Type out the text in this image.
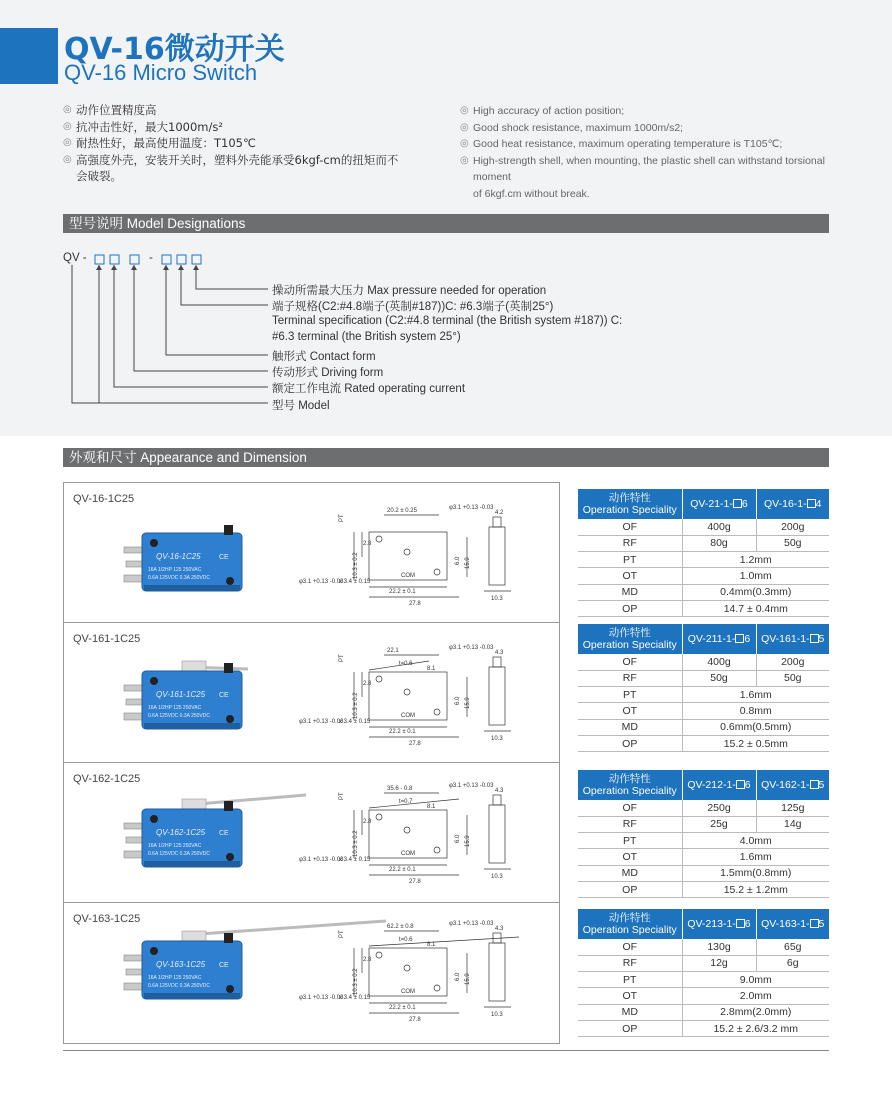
QV-16微动开关
QV-16 Micro Switch
◎ 动作位置精度高
◎ 抗冲击性好，最大1000m/s²
◎ 耐热性好，最高使用温度：T105℃
◎ 高强度外壳，安装开关时，塑料外壳能承受6kgf-cm的扭矩而不
会破裂。
◎ High accuracy of action position;
◎ Good shock resistance, maximum 1000m/s2;
◎ Good heat resistance, maximum operating temperature is T105℃;
◎ High-strength shell, when mounting, the plastic shell can withstand torsional moment
of 6kgf.cm without break.
型号说明 Model Designations
QV -	-
操动所需最大压力 Max pressure needed for operation
端子规格(C2:#4.8端子(英制#187))C: #6.3端子(英制25°)
Terminal specification (C2:#4.8 terminal (the British system #187)) C:
#6.3 terminal (the British system 25°)
触形式 Contact form
传动形式 Driving form
额定工作电流 Rated operating current
型号 Model
外观和尺寸 Appearance and Dimension
QV-16-1C25
QV-16-1C25	CE
16A 1/2HP 125 250VAC
0.6A 125VDC 0.3A 250VDC
20.2 ± 0.25	φ3.1 +0.13 -0.03
4.2
22.2 ± 0.1
27.8
10.3
15.9
6.0
10.3 ± 0.2
2.8
φ3.1 +0.13 -0.03
x 3.4 ± 0.15
COM
PT
QV-161-1C25
QV-161-1C25 CE
16A 1/2HP 125 250VAC
0.6A 125VDC 0.3A 250VDC
22.1	φ3.1 +0.13 -0.03
4.3
22.2 ± 0.1
27.8
10.3
15.9
6.0
10.3 ± 0.2
2.8
φ3.1 +0.13 -0.03
x 3.4 ± 0.15
COM
PT
t=0.6
8.1
QV-162-1C25
QV-162-1C25 CE
16A 1/2HP 125 250VAC
0.6A 125VDC 0.3A 250VDC
35.6 - 0.8	φ3.1 +0.13 -0.03
4.3
22.2 ± 0.1
27.8
10.3
15.9
6.0
10.3 ± 0.2
2.8
φ3.1 +0.13 -0.03
x 3.4 ± 0.15
COM
PT
t=0.7
8.1
QV-163-1C25
QV-163-1C25 CE
16A 1/2HP 125 250VAC
0.6A 125VDC 0.3A 250VDC
62.2 ± 0.8	φ3.1 +0.13 -0.03
4.3
22.2 ± 0.1
27.8
10.3
15.9
6.0
10.3 ± 0.2
2.8
φ3.1 +0.13 -0.03
x 3.4 ± 0.15
COM
PT
t=0.6
8.1
动作特性
Operation Speciality	QV-21-1- 6	QV-16-1- 4
OF	400g	200g
RF	80g	50g
PT	1.2mm	
OT	1.0mm	
MD	0.4mm(0.3mm)	
OP	14.7 ± 0.4mm	
动作特性
Operation Speciality	QV-211-1- 6	QV-161-1- 5
OF	400g	200g
RF	50g	50g
PT	1.6mm	
OT	0.8mm	
MD	0.6mm(0.5mm)	
OP	15.2 ± 0.5mm	
动作特性
Operation Speciality	QV-212-1- 6	QV-162-1- 5
OF	250g	125g
RF	25g	14g
PT	4.0mm	
OT	1.6mm	
MD	1.5mm(0.8mm)	
OP	15.2 ± 1.2mm	
动作特性
Operation Speciality	QV-213-1- 6	QV-163-1- 5
OF	130g	65g
RF	12g	6g
PT	9.0mm	
OT	2.0mm	
MD	2.8mm(2.0mm)	
OP	15.2 ± 2.6/3.2 mm	
